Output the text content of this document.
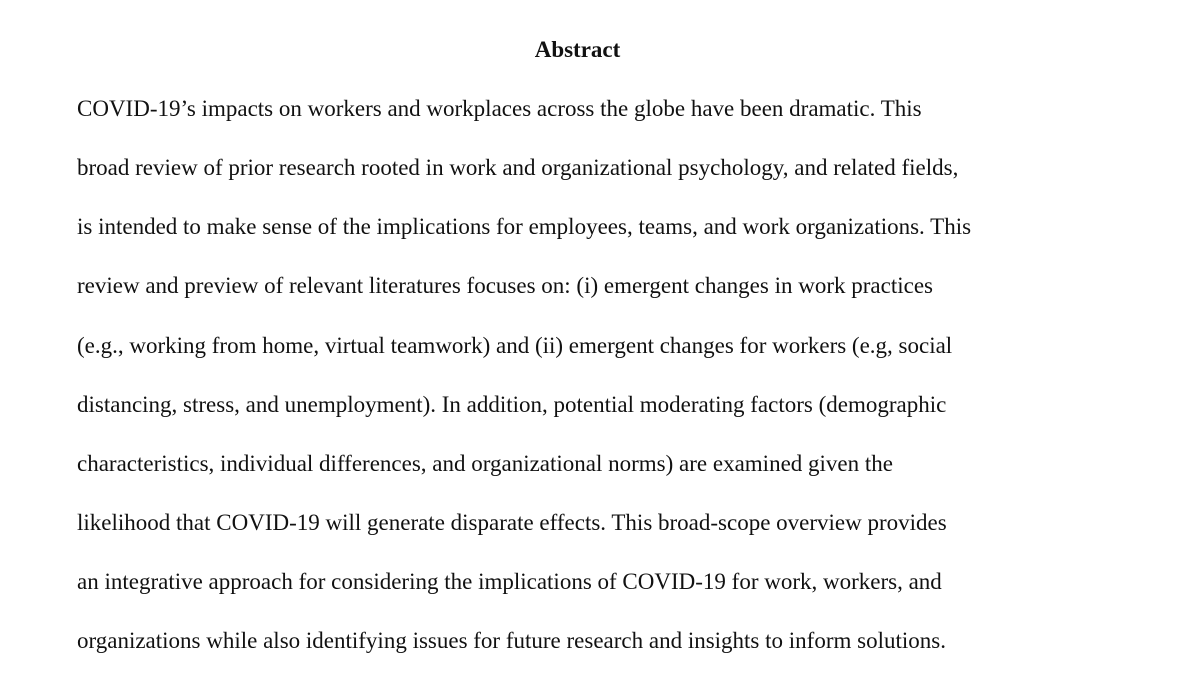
Abstract

COVID-19’s impacts on workers and workplaces across the globe have been dramatic. This

broad review of prior research rooted in work and organizational psychology, and related fields,

is intended to make sense of the implications for employees, teams, and work organizations. This

review and preview of relevant literatures focuses on: (i) emergent changes in work practices

(e.g., working from home, virtual teamwork) and (ii) emergent changes for workers (e.g, social

distancing, stress, and unemployment). In addition, potential moderating factors (demographic

characteristics, individual differences, and organizational norms) are examined given the

likelihood that COVID-19 will generate disparate effects. This broad-scope overview provides

an integrative approach for considering the implications of COVID-19 for work, workers, and

organizations while also identifying issues for future research and insights to inform solutions.
